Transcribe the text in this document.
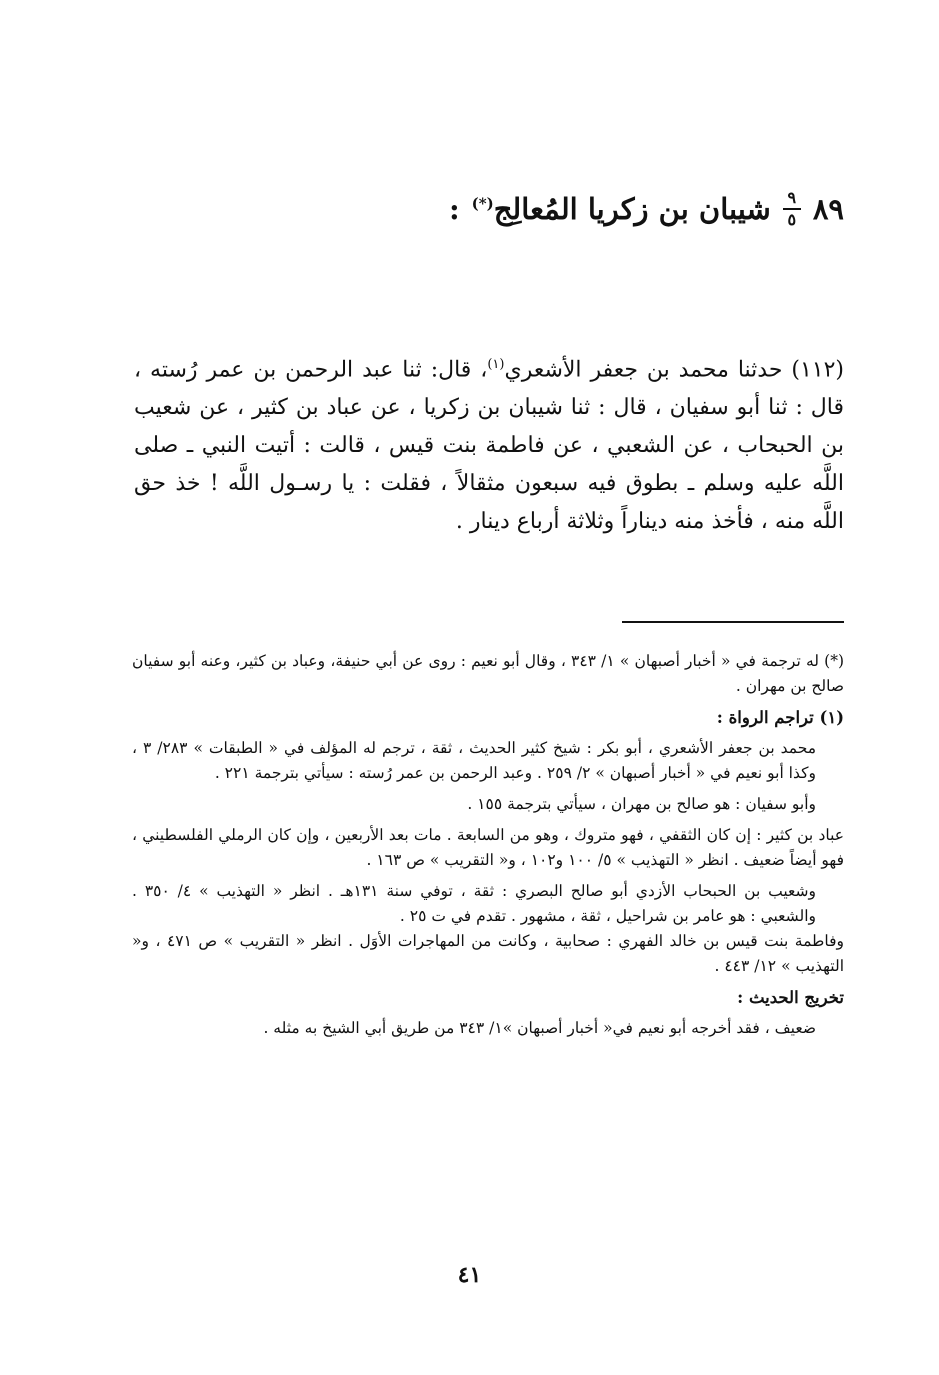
٨٩
$\frac{٩}{٥}$
شيبان بن زكريا المُعالِج(*)
:
(١١٢) حدثنا محمد بن جعفر الأشعري$^{(١)}$، قال: ثنا عبد الرحمن بن عمر رُسته ، قال : ثنا أبو سفيان ، قال : ثنا شيبان بن زكريا ، عن عباد بن كثير ، عن شعيب بن الحبحاب ، عن الشعبي ، عن فاطمة بنت قيس ، قالت : أتيت النبي ـ صلى اللَّه عليه وسلم ـ بطوق فيه سبعون مثقالاً ، فقلت : يا رسـول اللَّه ! خذ حق اللَّه منه ، فأخذ منه ديناراً وثلاثة أرباع دينار .

(*) له ترجمة في « أخبار أصبهان » ١/ ٣٤٣ ، وقال أبو نعيم : روى عن أبي حنيفة، وعباد بن كثير، وعنه أبو سفيان صالح بن مهران .

(١) تراجم الرواة :

محمد بن جعفر الأشعري ، أبو بكر : شيخ كثير الحديث ، ثقة ، ترجم له المؤلف في « الطبقات » ٢٨٣/ ٣ ، وكذا أبو نعيم في « أخبار أصبهان » ٢/ ٢٥٩ . وعبد الرحمن بن عمر رُسته : سيأتي بترجمة ٢٢١ .

وأبو سفيان : هو صالح بن مهران ، سيأتي بترجمة ١٥٥ .

عباد بن كثير : إن كان الثقفي ، فهو متروك ، وهو من السابعة . مات بعد الأربعين ، وإن كان الرملي الفلسطيني ، فهو أيضاً ضعيف . انظر « التهذيب » ٥/ ١٠٠ و١٠٢ ، و« التقريب » ص ١٦٣ .

وشعيب بن الحبحاب الأزدي أبو صالح البصري : ثقة ، توفي سنة ١٣١هـ . انظر « التهذيب » ٤/ ٣٥٠ . والشعبي : هو عامر بن شراحيل ، ثقة ، مشهور . تقدم في ت ٢٥ .

وفاطمة بنت قيس بن خالد الفهري : صحابية ، وكانت من المهاجرات الأوَل . انظر « التقريب » ص ٤٧١ ، و« التهذيب » ١٢/ ٤٤٣ .

تخريج الحديث :

ضعيف ، فقد أخرجه أبو نعيم في« أخبار أصبهان »١/ ٣٤٣ من طريق أبي الشيخ به مثله .

٤١
